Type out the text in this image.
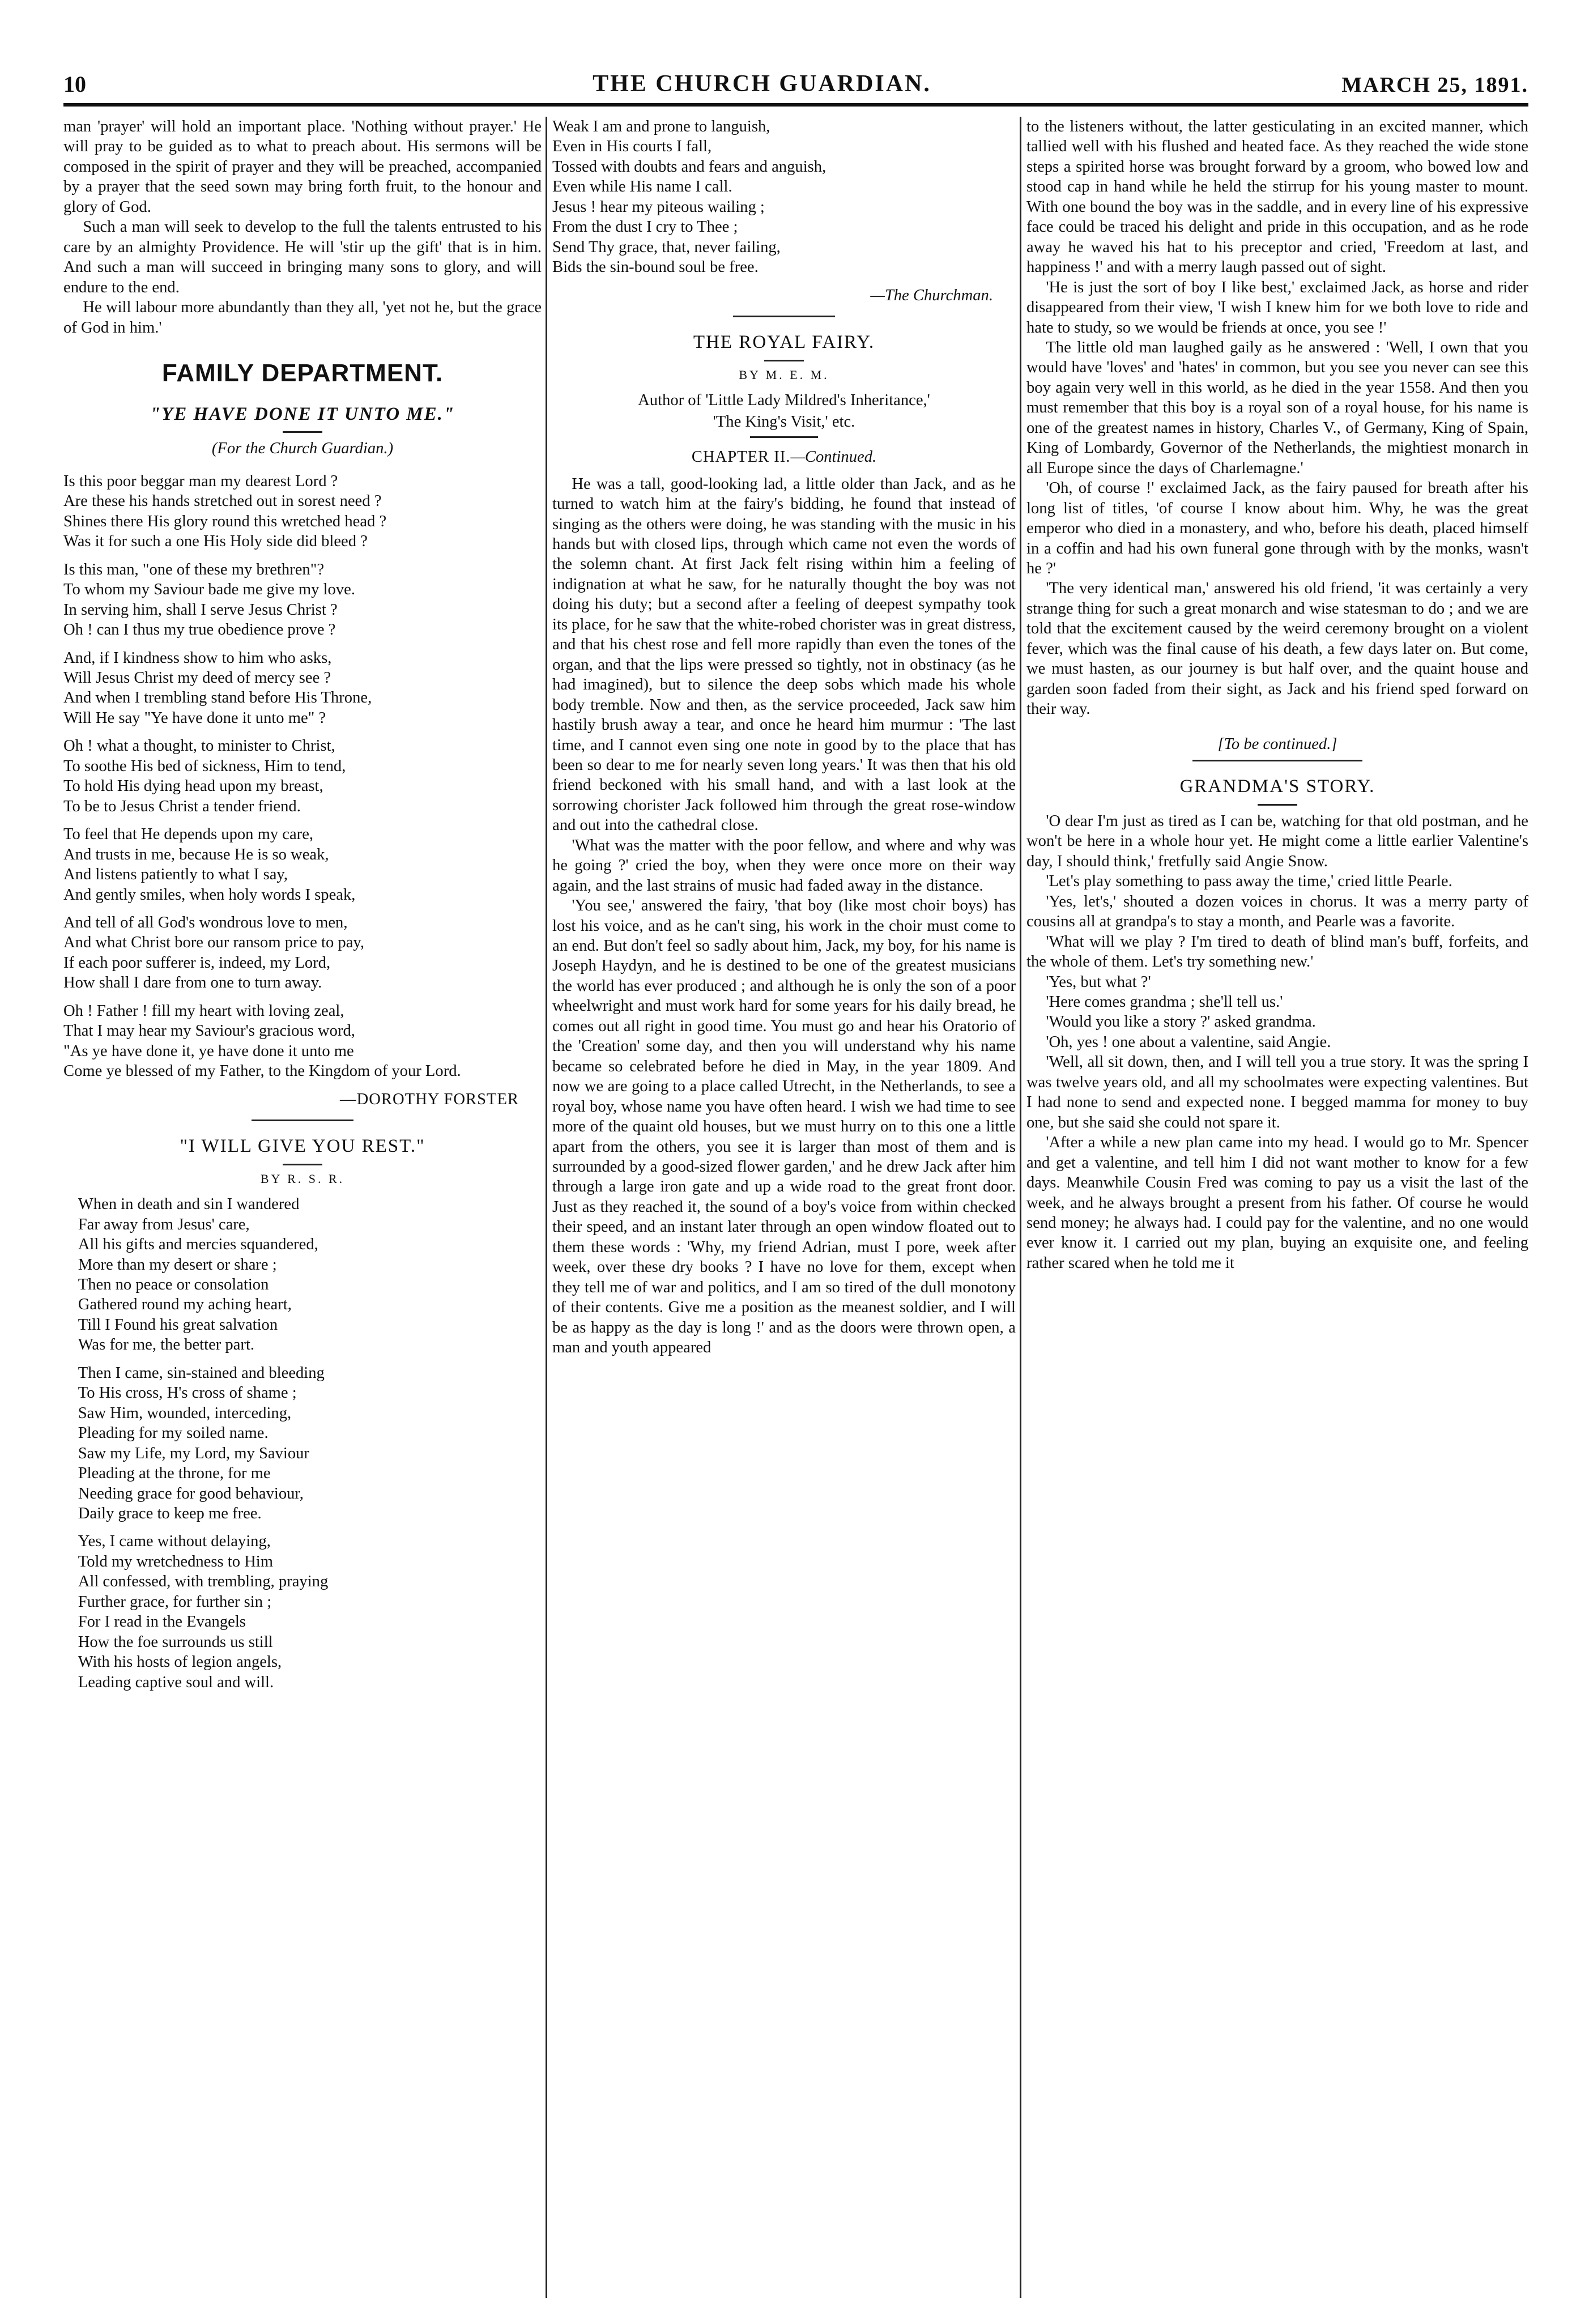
10	THE CHURCH GUARDIAN.	MARCH 25, 1891.

man 'prayer' will hold an important place. 'Nothing without prayer.' He will pray to be guided as to what to preach about. His sermons will be composed in the spirit of prayer and they will be preached, accompanied by a prayer that the seed sown may bring forth fruit, to the honour and glory of God.

Such a man will seek to develop to the full the talents entrusted to his care by an almighty Providence. He will 'stir up the gift' that is in him. And such a man will succeed in bringing many sons to glory, and will endure to the end.

He will labour more abundantly than they all, 'yet not he, but the grace of God in him.'

FAMILY DEPARTMENT.
"YE HAVE DONE IT UNTO ME."
(For the Church Guardian.)
Is this poor beggar man my dearest Lord ?
Are these his hands stretched out in sorest need ?
Shines there His glory round this wretched head ?
Was it for such a one His Holy side did bleed ?
Is this man, "one of these my brethren"?
To whom my Saviour bade me give my love.
In serving him, shall I serve Jesus Christ ?
Oh ! can I thus my true obedience prove ?
And, if I kindness show to him who asks,
Will Jesus Christ my deed of mercy see ?
And when I trembling stand before His Throne,
Will He say "Ye have done it unto me" ?
Oh ! what a thought, to minister to Christ,
To soothe His bed of sickness, Him to tend,
To hold His dying head upon my breast,
To be to Jesus Christ a tender friend.
To feel that He depends upon my care,
And trusts in me, because He is so weak,
And listens patiently to what I say,
And gently smiles, when holy words I speak,
And tell of all God's wondrous love to men,
And what Christ bore our ransom price to pay,
If each poor sufferer is, indeed, my Lord,
How shall I dare from one to turn away.
Oh ! Father ! fill my heart with loving zeal,
That I may hear my Saviour's gracious word,
"As ye have done it, ye have done it unto me
Come ye blessed of my Father, to the Kingdom of your Lord.
—DOROTHY FORSTER
"I WILL GIVE YOU REST."
BY R. S. R.
When in death and sin I wandered
Far away from Jesus' care,
All his gifts and mercies squandered,
More than my desert or share ;
Then no peace or consolation
Gathered round my aching heart,
Till I Found his great salvation
Was for me, the better part.
Then I came, sin-stained and bleeding
To His cross, H's cross of shame ;
Saw Him, wounded, interceding,
Pleading for my soiled name.
Saw my Life, my Lord, my Saviour
Pleading at the throne, for me
Needing grace for good behaviour,
Daily grace to keep me free.
Yes, I came without delaying,
Told my wretchedness to Him
All confessed, with trembling, praying
Further grace, for further sin ;
For I read in the Evangels
How the foe surrounds us still
With his hosts of legion angels,
Leading captive soul and will.
Weak I am and prone to languish,
Even in His courts I fall,
Tossed with doubts and fears and anguish,
Even while His name I call.
Jesus ! hear my piteous wailing ;
From the dust I cry to Thee ;
Send Thy grace, that, never failing,
Bids the sin-bound soul be free.
—The Churchman.
THE ROYAL FAIRY.
BY M. E. M.
Author of 'Little Lady Mildred's Inheritance,'
'The King's Visit,' etc.
CHAPTER II.—Continued.

He was a tall, good-looking lad, a little older than Jack, and as he turned to watch him at the fairy's bidding, he found that instead of singing as the others were doing, he was standing with the music in his hands but with closed lips, through which came not even the words of the solemn chant. At first Jack felt rising within him a feeling of indignation at what he saw, for he naturally thought the boy was not doing his duty; but a second after a feeling of deepest sympathy took its place, for he saw that the white-robed chorister was in great distress, and that his chest rose and fell more rapidly than even the tones of the organ, and that the lips were pressed so tightly, not in obstinacy (as he had imagined), but to silence the deep sobs which made his whole body tremble. Now and then, as the service proceeded, Jack saw him hastily brush away a tear, and once he heard him murmur : 'The last time, and I cannot even sing one note in good by to the place that has been so dear to me for nearly seven long years.' It was then that his old friend beckoned with his small hand, and with a last look at the sorrowing chorister Jack followed him through the great rose-window and out into the cathedral close.

'What was the matter with the poor fellow, and where and why was he going ?' cried the boy, when they were once more on their way again, and the last strains of music had faded away in the distance.

'You see,' answered the fairy, 'that boy (like most choir boys) has lost his voice, and as he can't sing, his work in the choir must come to an end. But don't feel so sadly about him, Jack, my boy, for his name is Joseph Haydyn, and he is destined to be one of the greatest musicians the world has ever produced ; and although he is only the son of a poor wheelwright and must work hard for some years for his daily bread, he comes out all right in good time. You must go and hear his Oratorio of the 'Creation' some day, and then you will understand why his name became so celebrated before he died in May, in the year 1809. And now we are going to a place called Utrecht, in the Netherlands, to see a royal boy, whose name you have often heard. I wish we had time to see more of the quaint old houses, but we must hurry on to this one a little apart from the others, you see it is larger than most of them and is surrounded by a good-sized flower garden,' and he drew Jack after him through a large iron gate and up a wide road to the great front door. Just as they reached it, the sound of a boy's voice from within checked their speed, and an instant later through an open window floated out to them these words : 'Why, my friend Adrian, must I pore, week after week, over these dry books ? I have no love for them, except when they tell me of war and politics, and I am so tired of the dull monotony of their contents. Give me a position as the meanest soldier, and I will be as happy as the day is long !' and as the doors were thrown open, a man and youth appeared

to the listeners without, the latter gesticulating in an excited manner, which tallied well with his flushed and heated face. As they reached the wide stone steps a spirited horse was brought forward by a groom, who bowed low and stood cap in hand while he held the stirrup for his young master to mount. With one bound the boy was in the saddle, and in every line of his expressive face could be traced his delight and pride in this occupation, and as he rode away he waved his hat to his preceptor and cried, 'Freedom at last, and happiness !' and with a merry laugh passed out of sight.

'He is just the sort of boy I like best,' exclaimed Jack, as horse and rider disappeared from their view, 'I wish I knew him for we both love to ride and hate to study, so we would be friends at once, you see !'

The little old man laughed gaily as he answered : 'Well, I own that you would have 'loves' and 'hates' in common, but you see you never can see this boy again very well in this world, as he died in the year 1558. And then you must remember that this boy is a royal son of a royal house, for his name is one of the greatest names in history, Charles V., of Germany, King of Spain, King of Lombardy, Governor of the Netherlands, the mightiest monarch in all Europe since the days of Charlemagne.'

'Oh, of course !' exclaimed Jack, as the fairy paused for breath after his long list of titles, 'of course I know about him. Why, he was the great emperor who died in a monastery, and who, before his death, placed himself in a coffin and had his own funeral gone through with by the monks, wasn't he ?'

'The very identical man,' answered his old friend, 'it was certainly a very strange thing for such a great monarch and wise statesman to do ; and we are told that the excitement caused by the weird ceremony brought on a violent fever, which was the final cause of his death, a few days later on. But come, we must hasten, as our journey is but half over, and the quaint house and garden soon faded from their sight, as Jack and his friend sped forward on their way.

[To be continued.]
GRANDMA'S STORY.

'O dear I'm just as tired as I can be, watching for that old postman, and he won't be here in a whole hour yet. He might come a little earlier Valentine's day, I should think,' fretfully said Angie Snow.

'Let's play something to pass away the time,' cried little Pearle.

'Yes, let's,' shouted a dozen voices in chorus. It was a merry party of cousins all at grandpa's to stay a month, and Pearle was a favorite.

'What will we play ? I'm tired to death of blind man's buff, forfeits, and the whole of them. Let's try something new.'

'Yes, but what ?'

'Here comes grandma ; she'll tell us.'

'Would you like a story ?' asked grandma.

'Oh, yes ! one about a valentine, said Angie.

'Well, all sit down, then, and I will tell you a true story. It was the spring I was twelve years old, and all my schoolmates were expecting valentines. But I had none to send and expected none. I begged mamma for money to buy one, but she said she could not spare it.

'After a while a new plan came into my head. I would go to Mr. Spencer and get a valentine, and tell him I did not want mother to know for a few days. Meanwhile Cousin Fred was coming to pay us a visit the last of the week, and he always brought a present from his father. Of course he would send money; he always had. I could pay for the valentine, and no one would ever know it. I carried out my plan, buying an exquisite one, and feeling rather scared when he told me it
